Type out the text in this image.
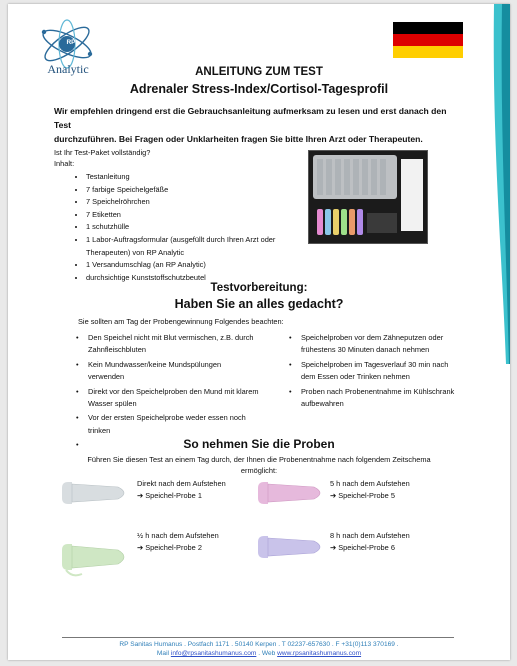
RP
Analytic	ANLEITUNG ZUM TEST
Adrenaler Stress-Index/Cortisol-Tagesprofil
Wir empfehlen dringend erst die Gebrauchsanleitung aufmerksam zu lesen und erst danach den Test
durchzuführen. Bei Fragen oder Unklarheiten fragen Sie bitte Ihren Arzt oder Therapeuten.
Ist Ihr Test-Paket vollständig?
Inhalt:
• Testanleitung
• 7 farbige Speichelgefäße
• 7 Speichelröhrchen
• 7 Etiketten
• 1 schutzhülle
• 1 Labor-Auftragsformular (ausgefüllt durch Ihren Arzt oder Therapeuten) von RP Analytic
• 1 Versandumschlag (an RP Analytic)
• durchsichtige Kunststoffschutzbeutel
Testvorbereitung:
Haben Sie an alles gedacht?
Sie sollten am Tag der Probengewinnung Folgendes beachten:
• Den Speichel nicht mit Blut vermischen, z.B. durch Zahnfleischbluten
• Kein Mundwasser/keine Mundspülungen verwenden
• Direkt vor den Speichelproben den Mund mit klarem Wasser spülen
• Vor der ersten Speichelprobe weder essen noch trinken
•
• Speichelproben vor dem Zähneputzen oder frühestens 30 Minuten danach nehmen
• Speichelproben im Tagesverlauf 30 min nach dem Essen oder Trinken nehmen
• Proben nach Probenentnahme im Kühlschrank aufbewahren
So nehmen Sie die Proben
Führen Sie diesen Test an einem Tag durch, der Ihnen die Probenentnahme nach folgendem Zeitschema
ermöglicht:
Direkt nach dem Aufstehen
➔ Speichel-Probe 1
½ h nach dem Aufstehen
➔ Speichel-Probe 2
5 h nach dem Aufstehen
➔ Speichel-Probe 5
8 h nach dem Aufstehen
➔ Speichel-Probe 6
RP Sanitas Humanus . Postfach 1171 . 50140 Kerpen . T 02237-657630 . F +31(0)113 370169 .
Mail info@rpsanitashumanus.com . Web www.rpsanitashumanus.com
